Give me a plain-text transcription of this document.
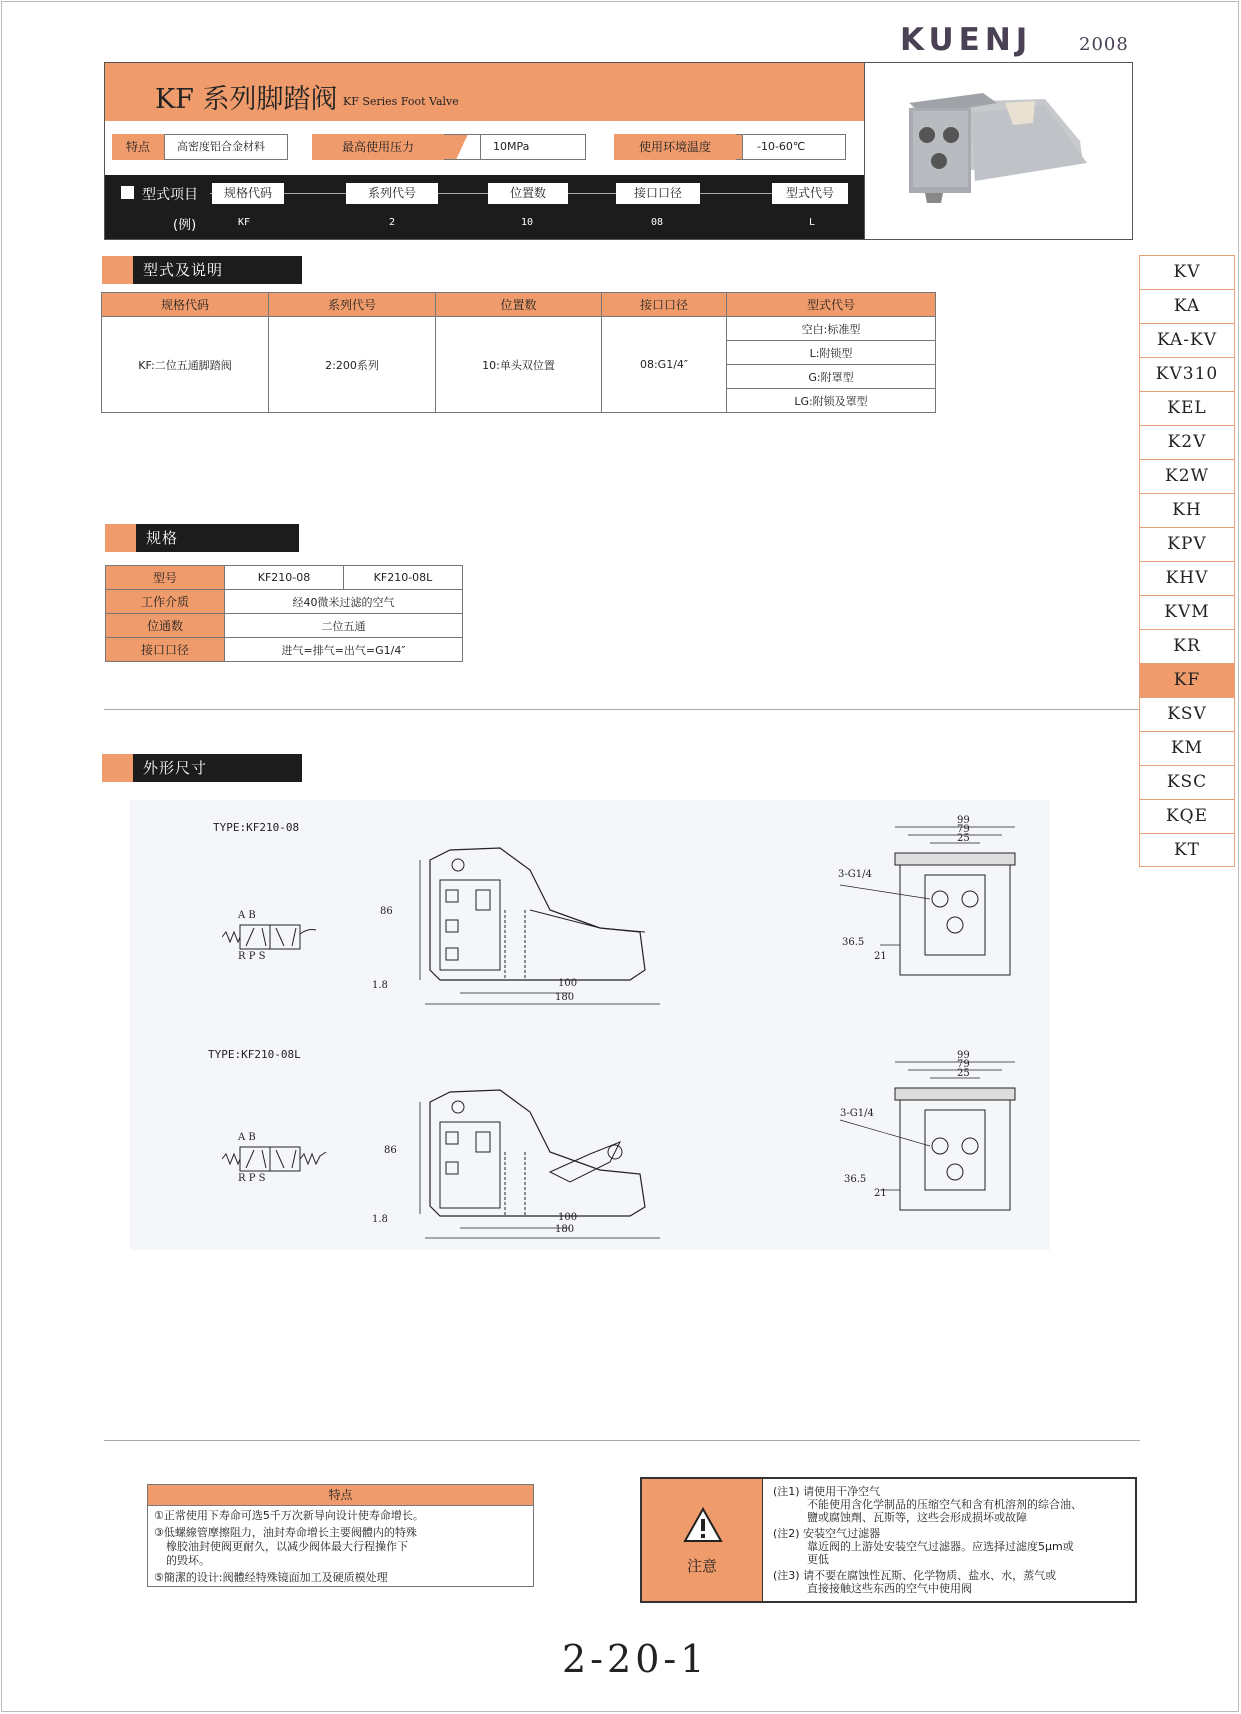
KUENJ	2008
KF 系列脚踏阀 KF Series Foot Valve
特点	高密度铝合金材料	最高使用压力	10MPa	使用环境温度	-10-60℃
型式项目
(例)
规格代码	系列代号	位置数	接口口径	型式代号
KF	2	10	08	L
型式及说明
规格代码	系列代号	位置数	接口口径	型式代号
KF:二位五通脚踏阀	2:200系列	10:单头双位置	08:G1/4″	空白:标准型
				L:附锁型
				G:附罩型
				LG:附锁及罩型
规格
型号	KF210-08	KF210-08L
工作介质	经40微米过滤的空气	
位通数	二位五通	
接口口径	进气=排气=出气=G1/4″	
KV
KA
KA-KV
KV310
KEL
K2V
K2W
KH
KPV
KHV
KVM
KR
KF
KSV
KM
KSC
KQE
KT
外形尺寸
TYPE:KF210-08
TYPE:KF210-08L
A B
R P S
86
1.8	100
180
99
79
25
3-G1/4
36.5
21
A B
R P S
86
1.8	100
180
99
79
25
3-G1/4
36.5
21
特点
①正常使用下寿命可选5千万次新导向设计使寿命增长。
③低螺線管摩擦阻力，油封寿命增长主要阀體内的特殊
橡胶油封使阀更耐久，以减少阀体最大行程操作下
的毁坏。
⑤簡潔的设计:阀體经特殊镜面加工及硬质模处理
注意
(注1) 请使用干净空气
不能使用含化学制品的压缩空气和含有机溶剂的综合油、
鹽或腐蚀劑、瓦斯等，这些会形成损坏或故障
(注2) 安装空气过滤器
靠近阀的上游处安装空气过滤器。应选择过滤度5μm或
更低
(注3) 请不要在腐蚀性瓦斯、化学物质、盐水、水，蒸气或
直接接触这些东西的空气中使用阀
2-20-1
